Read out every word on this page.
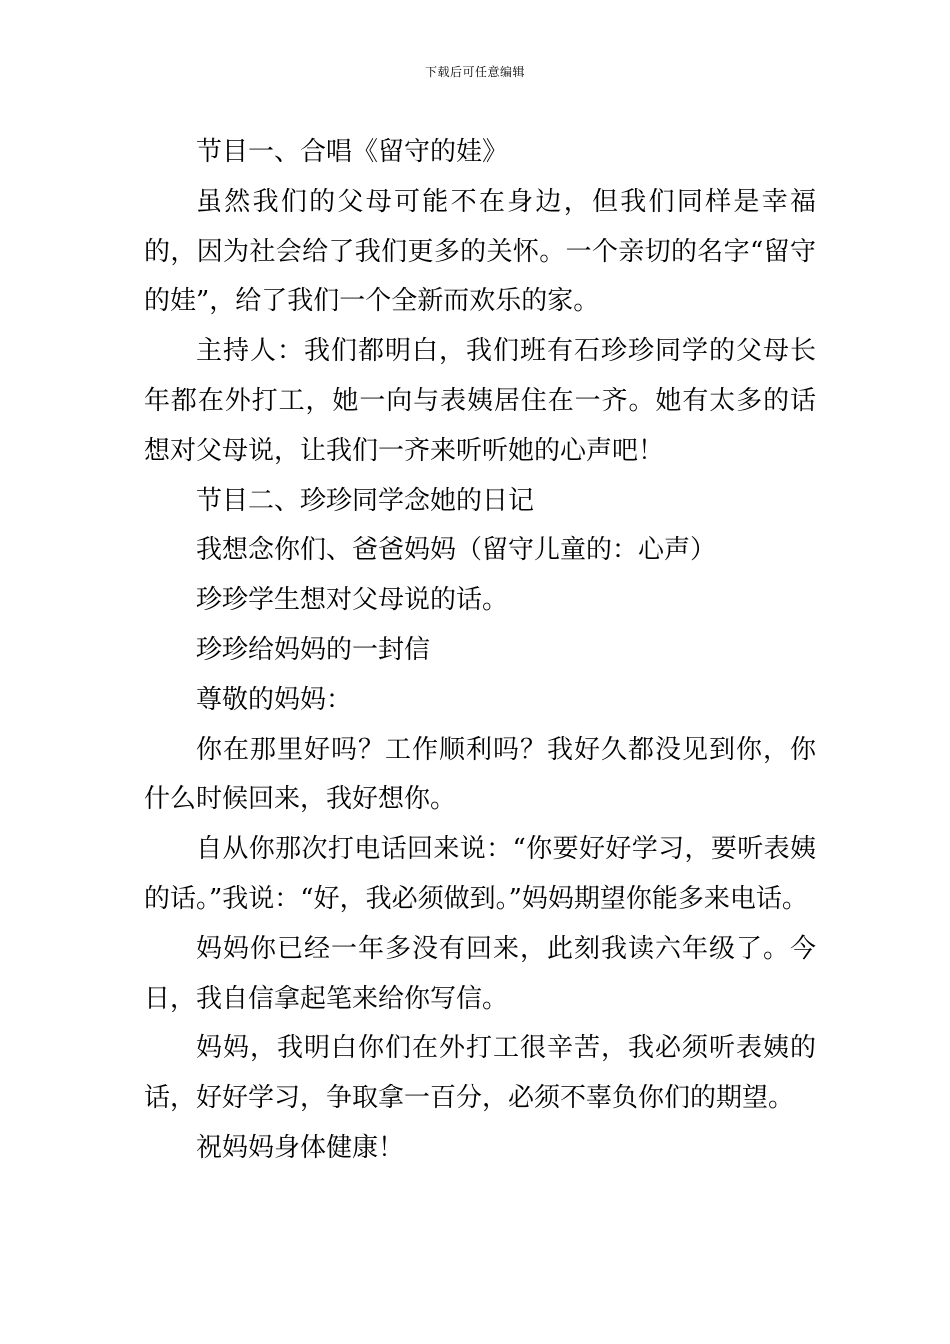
下载后可任意编辑

节目一、合唱《留守的娃》

虽然我们的父母可能不在身边，但我们同样是幸福的，因为社会给了我们更多的关怀。一个亲切的名字“留守的娃”，给了我们一个全新而欢乐的家。

主持人：我们都明白，我们班有石珍珍同学的父母长年都在外打工，她一向与表姨居住在一齐。她有太多的话想对父母说，让我们一齐来听听她的心声吧！

节目二、珍珍同学念她的日记

我想念你们、爸爸妈妈（留守儿童的：心声）

珍珍学生想对父母说的话。

珍珍给妈妈的一封信

尊敬的妈妈：

你在那里好吗？工作顺利吗？我好久都没见到你，你什么时候回来，我好想你。

自从你那次打电话回来说：“你要好好学习，要听表姨的话。”我说：“好，我必须做到。”妈妈期望你能多来电话。

妈妈你已经一年多没有回来，此刻我读六年级了。今日，我自信拿起笔来给你写信。

妈妈，我明白你们在外打工很辛苦，我必须听表姨的话，好好学习，争取拿一百分，必须不辜负你们的期望。

祝妈妈身体健康！
